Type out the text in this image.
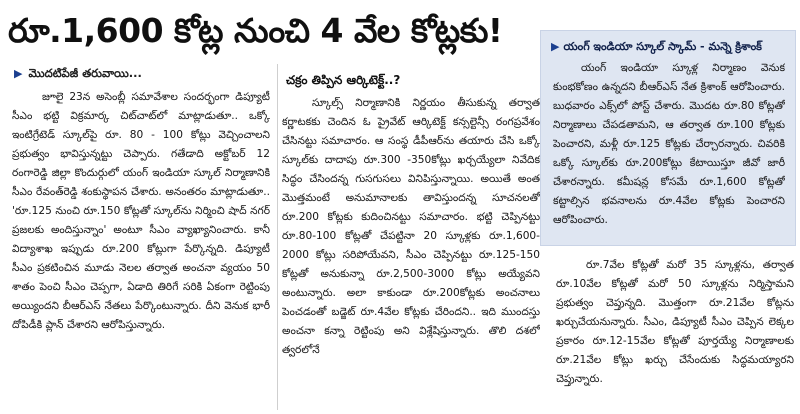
రూ.1,600 కోట్ల నుంచి 4 వేల కోట్లకు!
▶ మొదటిపేజీ తరువాయి...

జూలై 23న అసెంబ్లీ సమావేశాల సందర్భంగా డిప్యూటీ సీఎం భట్టి విక్రమార్క చిట్‌చాట్‌లో మాట్లాడుతూ.. ఒక్కో ఇంటిగ్రేటెడ్ స్కూల్‌పై రూ. 80 - 100 కోట్లు వెచ్చించాలని ప్రభుత్వం భావిస్తున్నట్టు చెప్పారు. గతేడాది అక్టోబర్ 12 రంగారెడ్డి జిల్లా కొందుర్గులో యంగ్ ఇండియా స్కూల్ నిర్మాణానికి సీఎం రేవంత్‌రెడ్డి శంకుస్థాపన చేశారు. అనంతరం మాట్లాడుతూ.. 'రూ.125 నుంచి రూ.150 కోట్లతో స్కూల్‌ను నిర్మించి షాద్ నగర్ ప్రజలకు అందిస్తున్నాం' అంటూ సీఎం వ్యాఖ్యానించారు. కానీ విద్యాశాఖ ఇప్పుడు రూ.200 కోట్లుగా పేర్కొన్నది. డిప్యూటీ సీఎం ప్రకటించిన మూడు నెలల తర్వాత అంచనా వ్యయం 50 శాతం పెంచి సీఎం చెప్పగా, ఏడాది తిరిగే సరికి ఏకంగా రెట్టింపు అయ్యిందని బీఆర్ఎస్ నేతలు పేర్కొంటున్నారు. దీని వెనుక భారీ దోపిడీకి ప్లాన్ చేశారని ఆరోపిస్తున్నారు.

చక్రం తిప్పిన ఆర్కిటెక్ట్..?

స్కూల్స్ నిర్మాణానికి నిర్ణయం తీసుకున్న తర్వాత కర్ణాటకకు చెందిన ఓ ప్రైవేట్ ఆర్కిటెక్ట్ కన్సల్టెన్సీ రంగప్రవేశం చేసినట్టు సమాచారం. ఆ సంస్థ డీపీఆర్‌ను తయారు చేసి ఒక్కో స్కూల్‌కు దాదాపు రూ.300 -350కోట్లు ఖర్చయ్యేలా నివేదిక సిద్ధం చేసిందన్న గుసగుసలు వినిపిస్తున్నాయి. అయితే అంత మొత్తమంటే అనుమానాలకు తావిస్తుందన్న సూచనలతో రూ.200 కోట్లకు కుదించినట్టు సమాచారం. భట్టి చెప్పినట్టు రూ.80-100 కోట్లతో చేపట్టినా 20 స్కూళ్లకు రూ.1,600-2000 కోట్లు సరిపోయేవని, సీఎం చెప్పినట్టు రూ.125-150 కోట్లతో అనుకున్నా రూ.2,500-3000 కోట్లు అయ్యేవని అంటున్నారు. అలా కాకుండా రూ.200కోట్లకు అంచనాలు పెంచడంతో బడ్జెట్ రూ.4వేల కోట్లకు చేరిందని.. ఇది ముందస్తు అంచనా కన్నా రెట్టింపు అని విశ్లేషిస్తున్నారు. తొలి దశలో త్వరలోనే

▶ యంగ్ ఇండియా స్కూల్ స్కామ్ - మన్నె క్రిశాంక్

యంగ్ ఇండియా స్కూళ్ల నిర్మాణం వెనుక కుంభకోణం ఉన్నదని బీఆర్ఎస్ నేత క్రిశాంక్ ఆరోపించారు. బుధవారం ఎక్స్‌లో పోస్ట్ చేశారు. మొదట రూ.80 కోట్లతో నిర్మాణాలు చేపడతామని, ఆ తర్వాత రూ.100 కోట్లకు పెంచారని, మళ్లీ రూ.125 కోట్లకు చేర్చారన్నారు. చివరికి ఒక్కో స్కూల్‌కు రూ.200కోట్లు కేటాయిస్తూ జీవో జారీ చేశారన్నారు. కమీషన్ల కోసమే రూ.1,600 కోట్లతో కట్టాల్సిన భవనాలను రూ.4వేల కోట్లకు పెంచారని ఆరోపించారు.

రూ.7వేల కోట్లతో మరో 35 స్కూళ్లను, తర్వాత రూ.10వేల కోట్లతో మరో 50 స్కూళ్లను నిర్మిస్తామని ప్రభుత్వం చెప్తున్నది. మొత్తంగా రూ.21వేల కోట్లను ఖర్చుచేయనున్నారు. సీఎం, డిప్యూటీ సీఎం చెప్పిన లెక్కల ప్రకారం రూ.12-15వేల కోట్లతో పూర్తయ్యే నిర్మాణాలకు రూ.21వేల కోట్లు ఖర్చు చేసేందుకు సిద్ధమయ్యారని చెప్తున్నారు.
